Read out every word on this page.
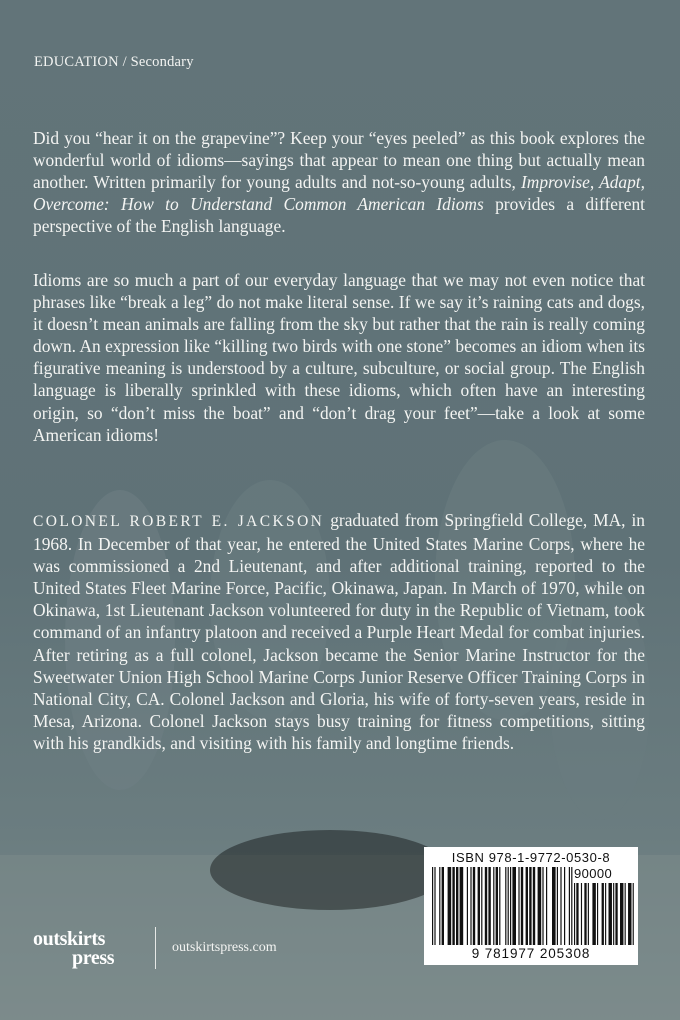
EDUCATION / Secondary

Did you “hear it on the grapevine”? Keep your “eyes peeled” as this book explores the wonderful world of idioms—sayings that appear to mean one thing but actually mean another. Written primarily for young adults and not-so-young adults, Improvise, Adapt, Overcome: How to Understand Common American Idioms provides a different perspective of the English language.

Idioms are so much a part of our everyday language that we may not even notice that phrases like “break a leg” do not make literal sense. If we say it’s raining cats and dogs, it doesn’t mean animals are falling from the sky but rather that the rain is really coming down. An expression like “killing two birds with one stone” becomes an idiom when its figurative meaning is understood by a culture, subculture, or social group. The English language is liberally sprinkled with these idioms, which often have an interesting origin, so “don’t miss the boat” and “don’t drag your feet”—take a look at some American idioms!

COLONEL ROBERT E. JACKSON graduated from Springfield College, MA, in 1968. In December of that year, he entered the United States Marine Corps, where he was commissioned a 2nd Lieutenant, and after additional training, reported to the United States Fleet Marine Force, Pacific, Okinawa, Japan. In March of 1970, while on Okinawa, 1st Lieutenant Jackson volunteered for duty in the Republic of Vietnam, took command of an infantry platoon and received a Purple Heart Medal for combat injuries. After retiring as a full colonel, Jackson became the Senior Marine Instructor for the Sweetwater Union High School Marine Corps Junior Reserve Officer Training Corps in National City, CA. Colonel Jackson and Gloria, his wife of forty-seven years, reside in Mesa, Arizona. Colonel Jackson stays busy training for fitness competitions, sitting with his grandkids, and visiting with his family and longtime friends.

ISBN 978-1-9772-0530-8
90000
9 781977 205308
outskirts
press	outskirtspress.com
